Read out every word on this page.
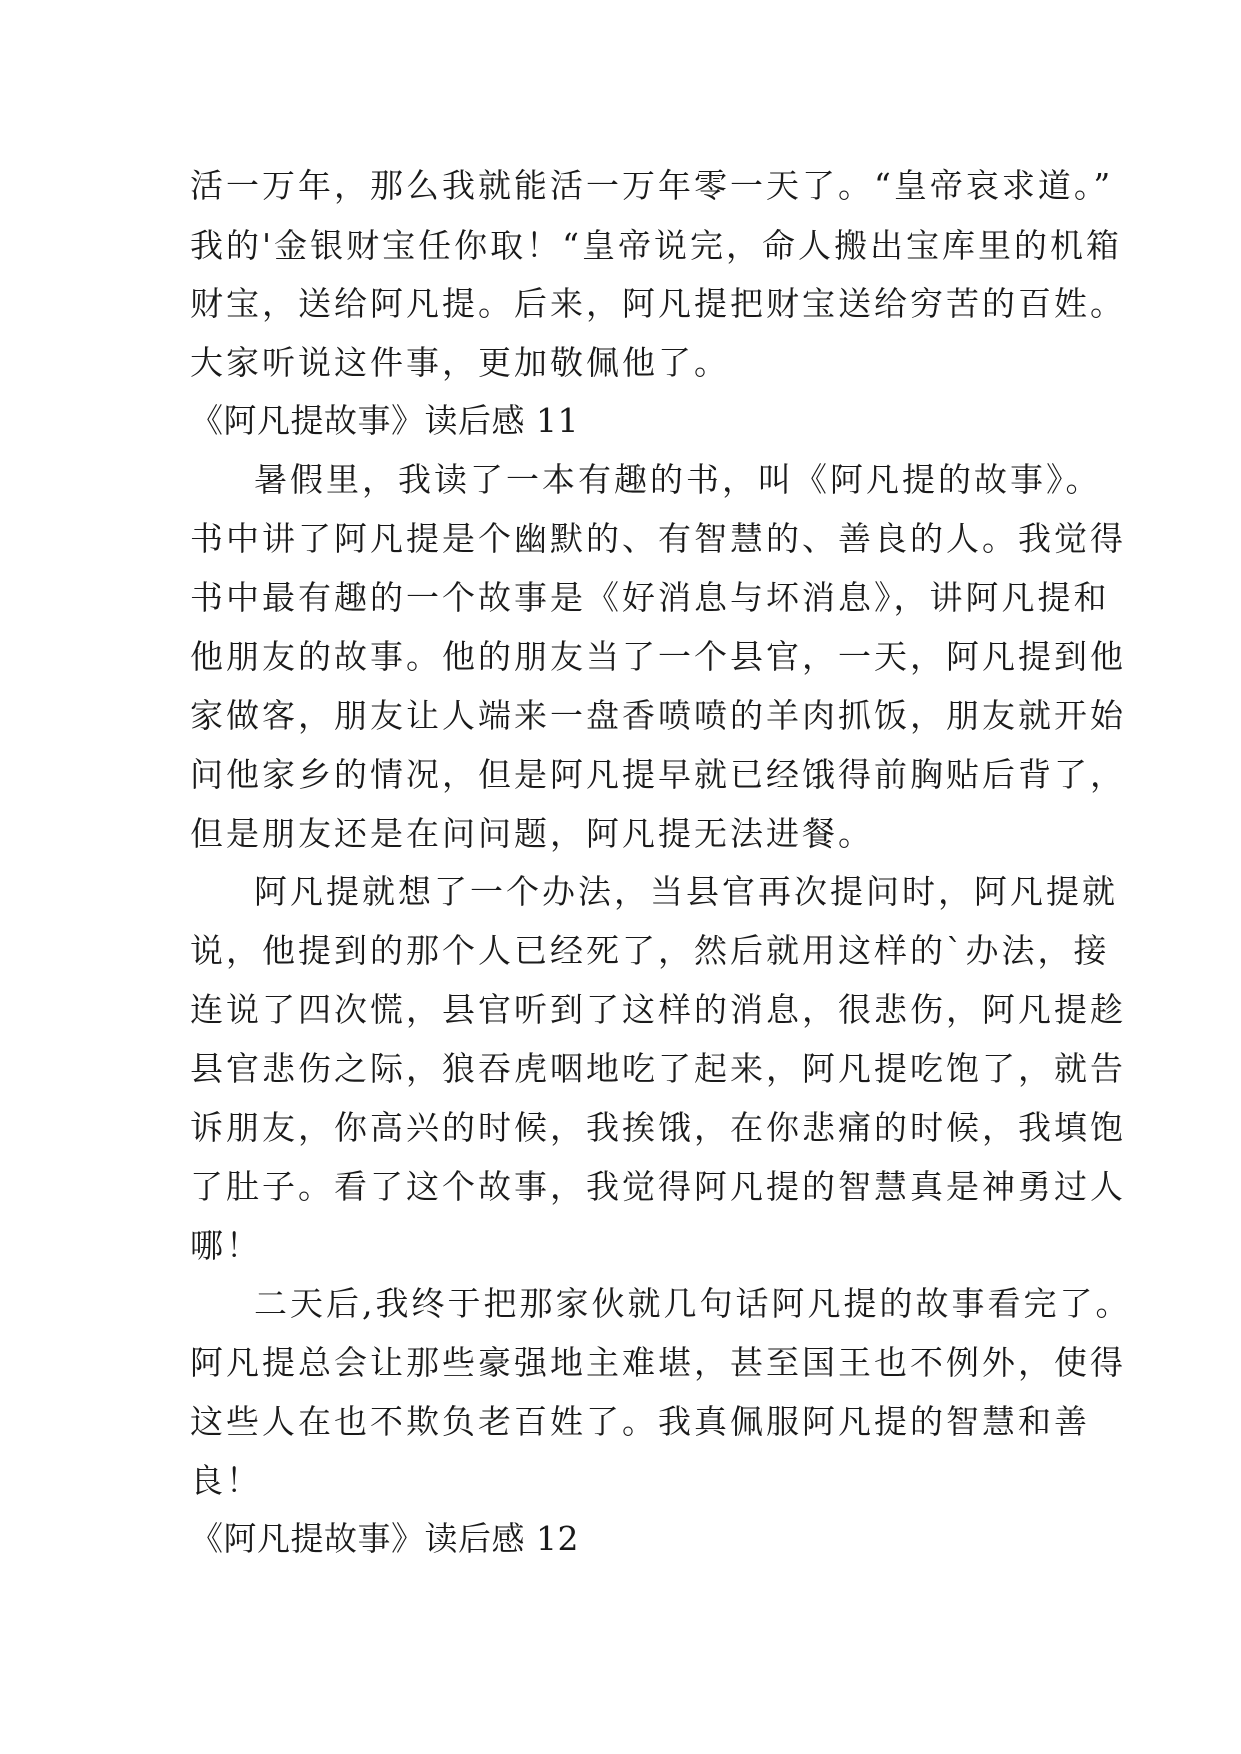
活一万年，那么我就能活一万年零一天了。“皇帝哀求道。”
我的'金银财宝任你取！“皇帝说完，命人搬出宝库里的机箱
财宝，送给阿凡提。后来，阿凡提把财宝送给穷苦的百姓。
大家听说这件事，更加敬佩他了。
《阿凡提故事》读后感 11
暑假里，我读了一本有趣的书，叫《阿凡提的故事》。
书中讲了阿凡提是个幽默的、有智慧的、善良的人。我觉得
书中最有趣的一个故事是《好消息与坏消息》，讲阿凡提和
他朋友的故事。他的朋友当了一个县官，一天，阿凡提到他
家做客，朋友让人端来一盘香喷喷的羊肉抓饭，朋友就开始
问他家乡的情况，但是阿凡提早就已经饿得前胸贴后背了，
但是朋友还是在问问题，阿凡提无法进餐。
阿凡提就想了一个办法，当县官再次提问时，阿凡提就
说，他提到的那个人已经死了，然后就用这样的`办法，接
连说了四次慌，县官听到了这样的消息，很悲伤，阿凡提趁
县官悲伤之际，狼吞虎咽地吃了起来，阿凡提吃饱了，就告
诉朋友，你高兴的时候，我挨饿，在你悲痛的时候，我填饱
了肚子。看了这个故事，我觉得阿凡提的智慧真是神勇过人
哪！
二天后,我终于把那家伙就几句话阿凡提的故事看完了。
阿凡提总会让那些豪强地主难堪，甚至国王也不例外，使得
这些人在也不欺负老百姓了。我真佩服阿凡提的智慧和善
良！
《阿凡提故事》读后感 12
